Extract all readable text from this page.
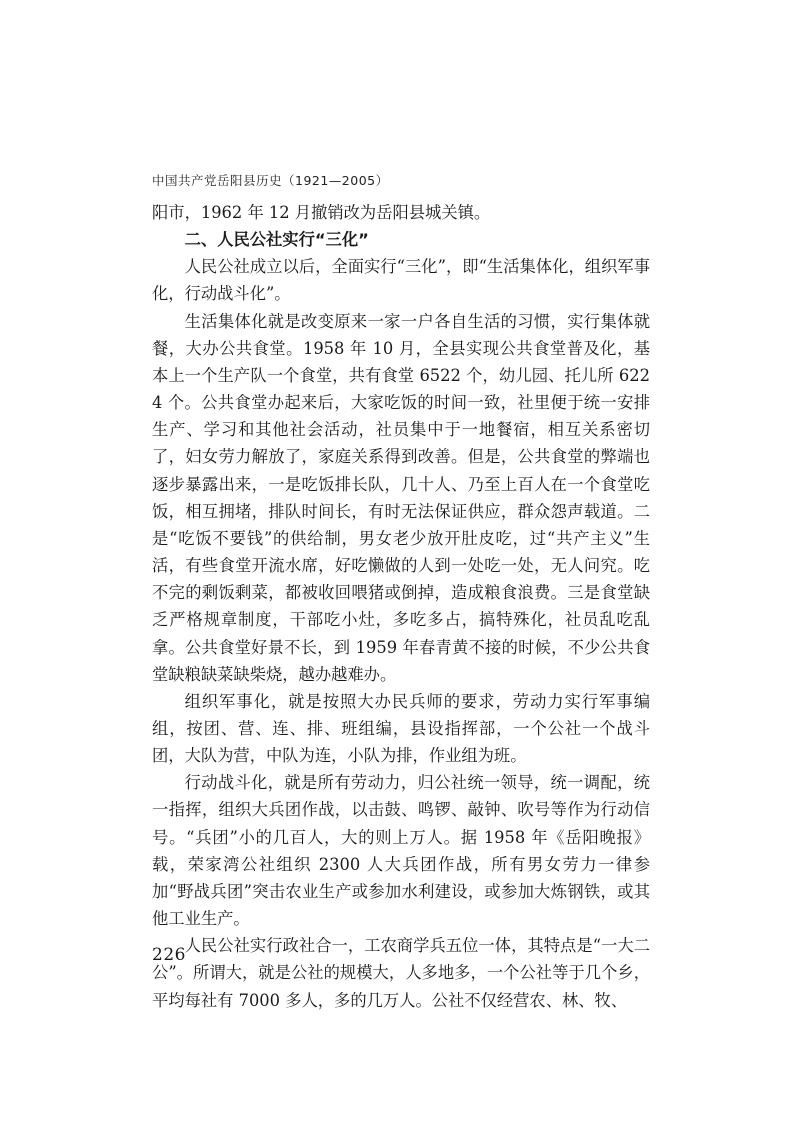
中国共产党岳阳县历史（1921—2005）

阳市，1962 年 12 月撤销改为岳阳县城关镇。

二、人民公社实行“三化”

人民公社成立以后，全面实行“三化”，即“生活集体化，组织军事化，行动战斗化”。

生活集体化就是改变原来一家一户各自生活的习惯，实行集体就餐，大办公共食堂。1958 年 10 月，全县实现公共食堂普及化，基本上一个生产队一个食堂，共有食堂 6522 个，幼儿园、托儿所 6224 个。公共食堂办起来后，大家吃饭的时间一致，社里便于统一安排生产、学习和其他社会活动，社员集中于一地餐宿，相互关系密切了，妇女劳力解放了，家庭关系得到改善。但是，公共食堂的弊端也逐步暴露出来，一是吃饭排长队，几十人、乃至上百人在一个食堂吃饭，相互拥堵，排队时间长，有时无法保证供应，群众怨声载道。二是“吃饭不要钱”的供给制，男女老少放开肚皮吃，过“共产主义”生活，有些食堂开流水席，好吃懒做的人到一处吃一处，无人问究。吃不完的剩饭剩菜，都被收回喂猪或倒掉，造成粮食浪费。三是食堂缺乏严格规章制度，干部吃小灶，多吃多占，搞特殊化，社员乱吃乱拿。公共食堂好景不长，到 1959 年春青黄不接的时候，不少公共食堂缺粮缺菜缺柴烧，越办越难办。

组织军事化，就是按照大办民兵师的要求，劳动力实行军事编组，按团、营、连、排、班组编，县设指挥部，一个公社一个战斗团，大队为营，中队为连，小队为排，作业组为班。

行动战斗化，就是所有劳动力，归公社统一领导，统一调配，统一指挥，组织大兵团作战，以击鼓、鸣锣、敲钟、吹号等作为行动信号。“兵团”小的几百人，大的则上万人。据 1958 年《岳阳晚报》载，荣家湾公社组织 2300 人大兵团作战，所有男女劳力一律参加“野战兵团”突击农业生产或参加水利建设，或参加大炼钢铁，或其他工业生产。

人民公社实行政社合一，工农商学兵五位一体，其特点是“一大二公”。所谓大，就是公社的规模大，人多地多，一个公社等于几个乡，平均每社有 7000 多人，多的几万人。公社不仅经营农、林、牧、

226
